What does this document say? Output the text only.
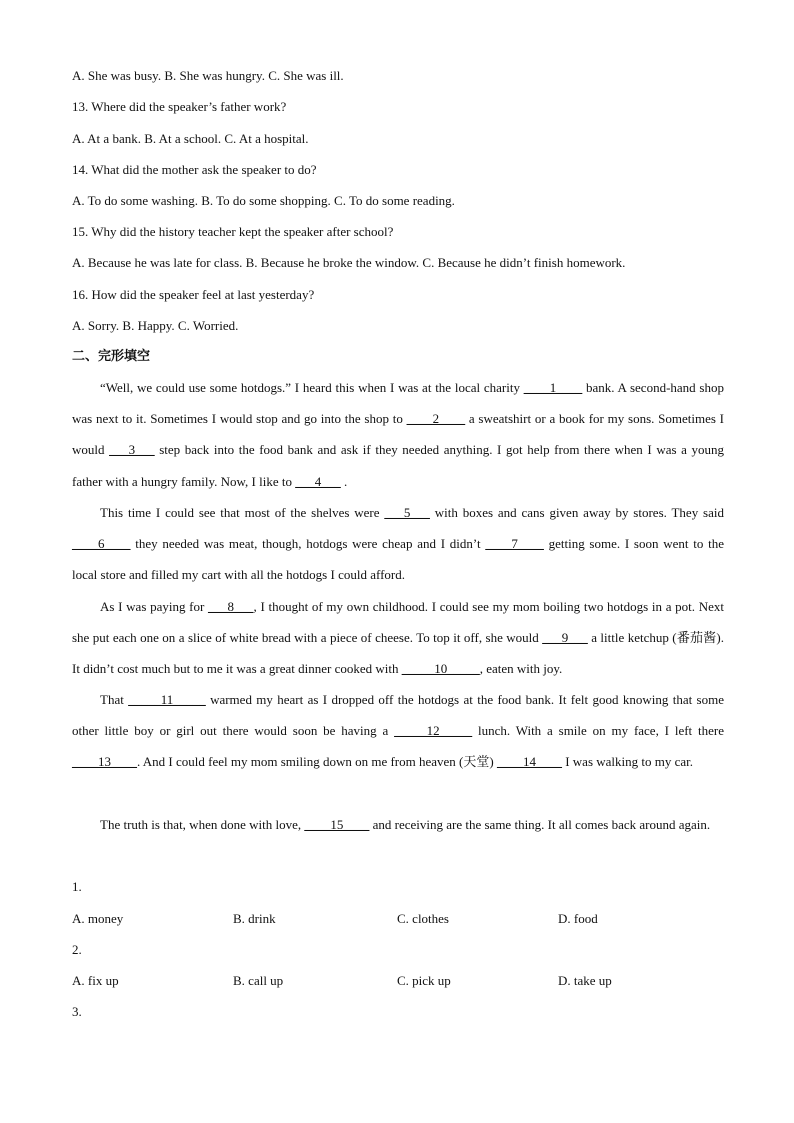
A. She was busy. B. She was hungry. C. She was ill.
13. Where did the speaker’s father work?
A. At a bank. B. At a school. C. At a hospital.
14. What did the mother ask the speaker to do?
A. To do some washing. B. To do some shopping. C. To do some reading.
15. Why did the history teacher kept the speaker after school?
A. Because he was late for class. B. Because he broke the window. C. Because he didn’t finish homework.
16. How did the speaker feel at last yesterday?
A. Sorry. B. Happy. C. Worried.
二、完形填空
“Well, we could use some hotdogs.” I heard this when I was at the local charity ____1____ bank. A second-hand shop was next to it. Sometimes I would stop and go into the shop to ____2____ a sweatshirt or a book for my sons. Sometimes I would ___3___ step back into the food bank and ask if they needed anything. I got help from there when I was a young father with a hungry family. Now, I like to ___4___ .
This time I could see that most of the shelves were ___5___ with boxes and cans given away by stores. They said ____6____ they needed was meat, though, hotdogs were cheap and I didn’t ____7____ getting some. I soon went to the local store and filled my cart with all the hotdogs I could afford.
As I was paying for ___8___, I thought of my own childhood. I could see my mom boiling two hotdogs in a pot. Next she put each one on a slice of white bread with a piece of cheese. To top it off, she would ___9___ a little ketchup (番茄酱). It didn’t cost much but to me it was a great dinner cooked with _____10_____, eaten with joy.
That _____11_____ warmed my heart as I dropped off the hotdogs at the food bank. It felt good knowing that some other little boy or girl out there would soon be having a _____12_____ lunch. With a smile on my face, I left there ____13____. And I could feel my mom smiling down on me from heaven (天堂) ____14____ I was walking to my car.
The truth is that, when done with love, ____15____ and receiving are the same thing. It all comes back around again.
1.
A. money	B. drink	C. clothes	D. food
2.
A. fix up	B. call up	C. pick up	D. take up
3.
